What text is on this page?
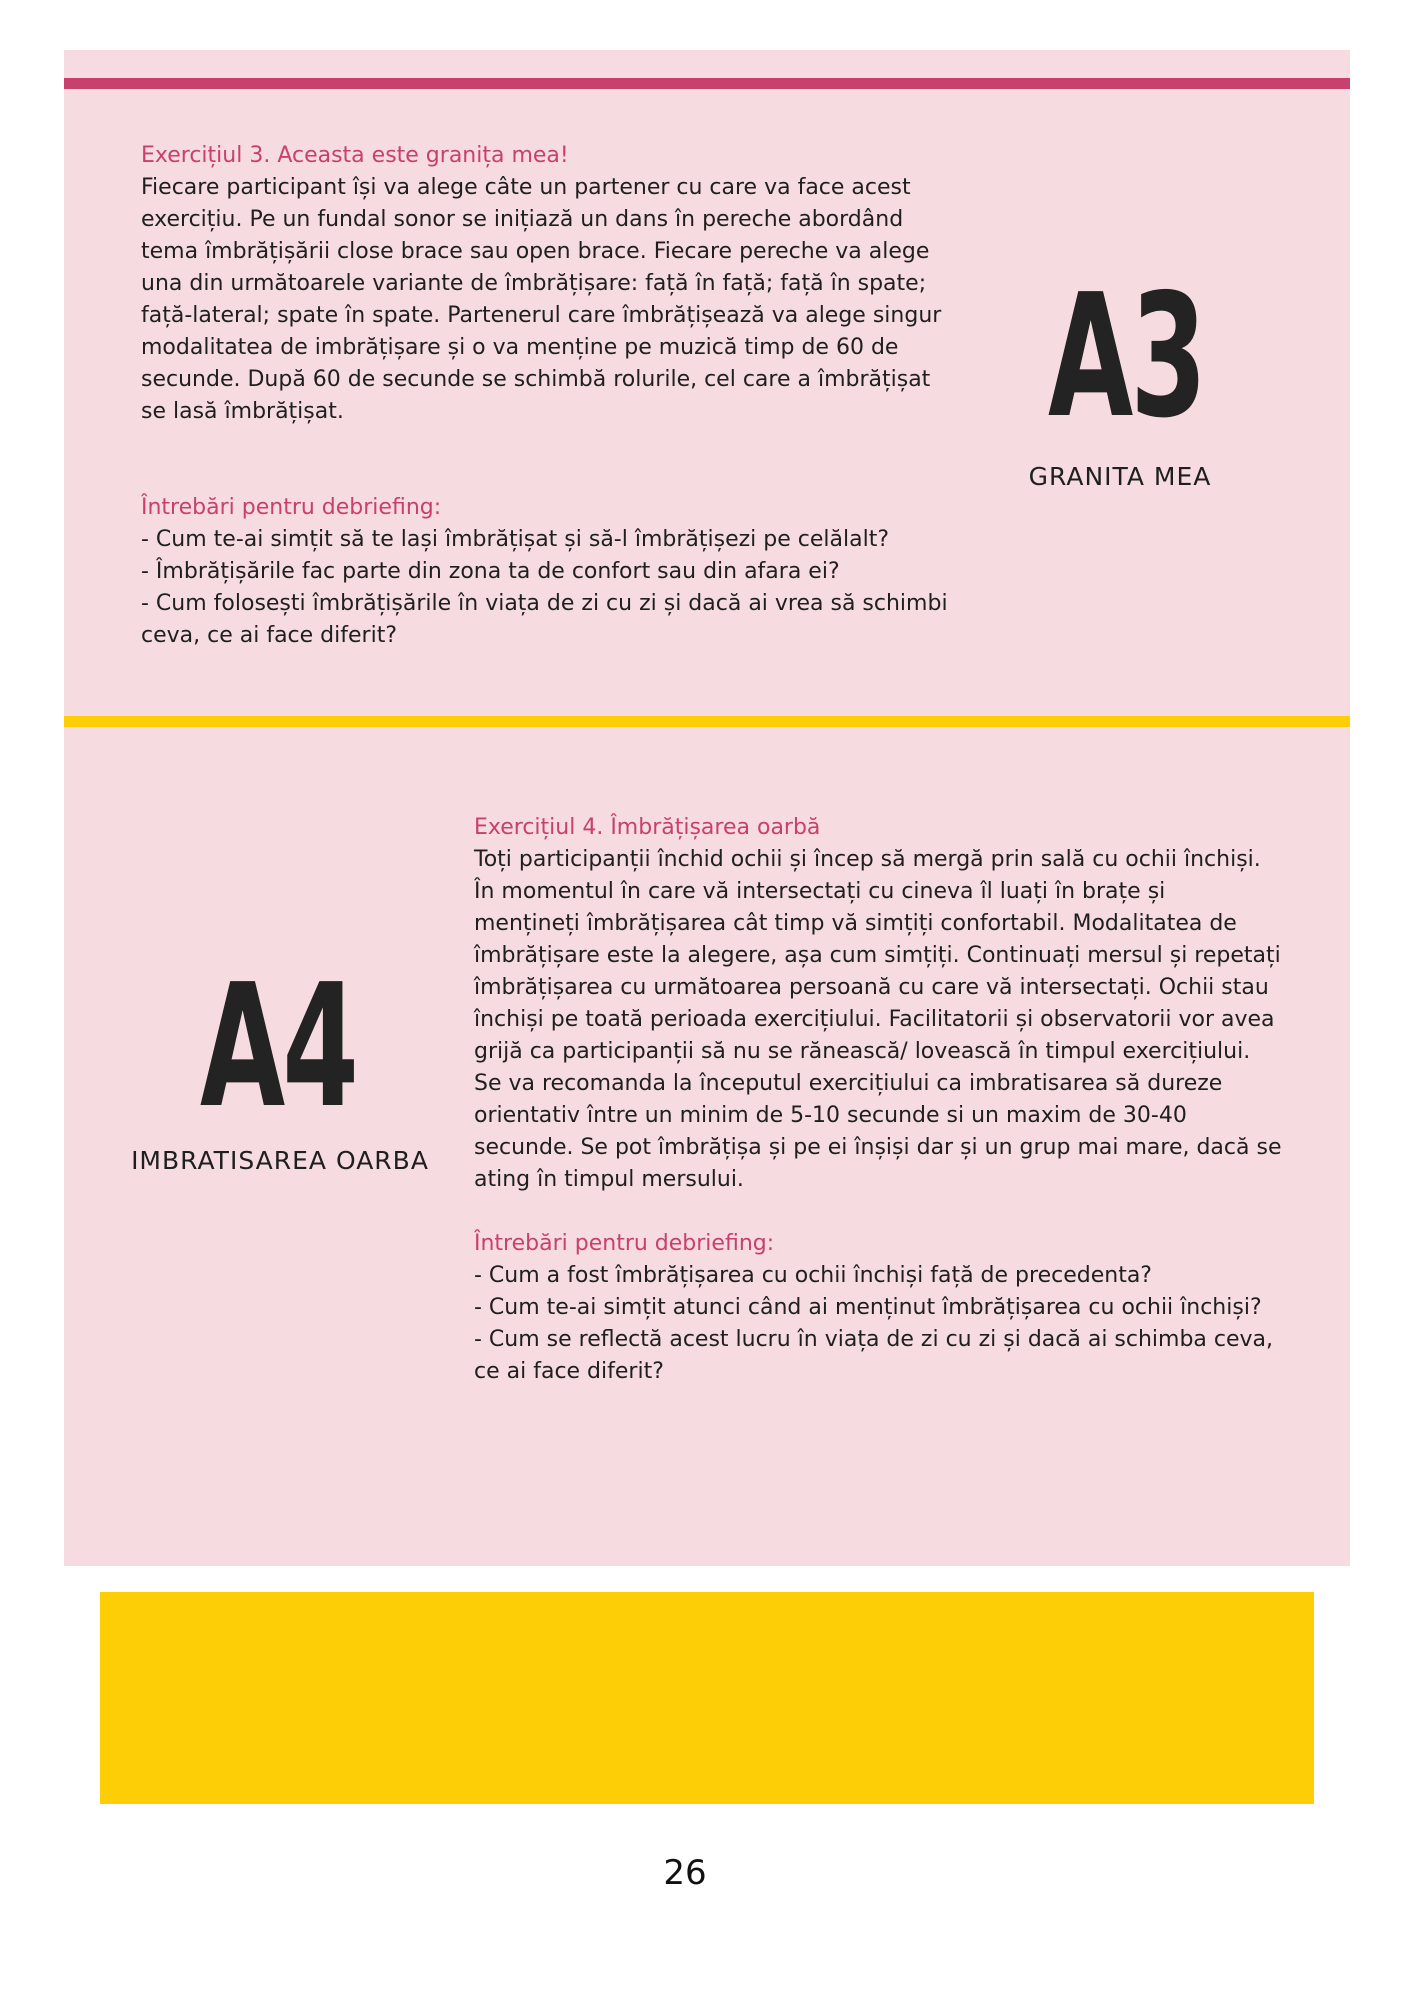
Exercițiul 3. Aceasta este granița mea!

Fiecare participant își va alege câte un partener cu care va face acest

exercițiu. Pe un fundal sonor se inițiază un dans în pereche abordând

tema îmbrățișării close brace sau open brace. Fiecare pereche va alege

una din următoarele variante de îmbrățișare: față în față; față în spate;

față-lateral; spate în spate. Partenerul care îmbrățișează va alege singur

modalitatea de imbrățișare și o va menține pe muzică timp de 60 de

secunde. După 60 de secunde se schimbă rolurile, cel care a îmbrățișat

se lasă îmbrățișat.

Întrebări pentru debriefing:

- Cum te-ai simțit să te lași îmbrățișat și să-l îmbrățișezi pe celălalt?

- Îmbrățișările fac parte din zona ta de confort sau din afara ei?

- Cum folosești îmbrățișările în viața de zi cu zi și dacă ai vrea să schimbi

ceva, ce ai face diferit?

A3
GRANITA MEA
A4
IMBRATISAREA OARBA

Exercițiul 4. Îmbrățișarea oarbă

Toți participanții închid ochii și încep să mergă prin sală cu ochii închiși.

În momentul în care vă intersectați cu cineva îl luați în brațe și

mențineți îmbrățișarea cât timp vă simțiți confortabil. Modalitatea de

îmbrățișare este la alegere, așa cum simțiți. Continuați mersul și repetați

îmbrățișarea cu următoarea persoană cu care vă intersectați. Ochii stau

închiși pe toată perioada exercițiului. Facilitatorii și observatorii vor avea

grijă ca participanții să nu se rănească/ lovească în timpul exercițiului.

Se va recomanda la începutul exercițiului ca imbratisarea să dureze

orientativ între un minim de 5-10 secunde si un maxim de 30-40

secunde. Se pot îmbrățișa și pe ei înșiși dar și un grup mai mare, dacă se

ating în timpul mersului.

Întrebări pentru debriefing:

- Cum a fost îmbrățișarea cu ochii închiși față de precedenta?

- Cum te-ai simțit atunci când ai menținut îmbrățișarea cu ochii închiși?

- Cum se reflectă acest lucru în viața de zi cu zi și dacă ai schimba ceva,

ce ai face diferit?

26
